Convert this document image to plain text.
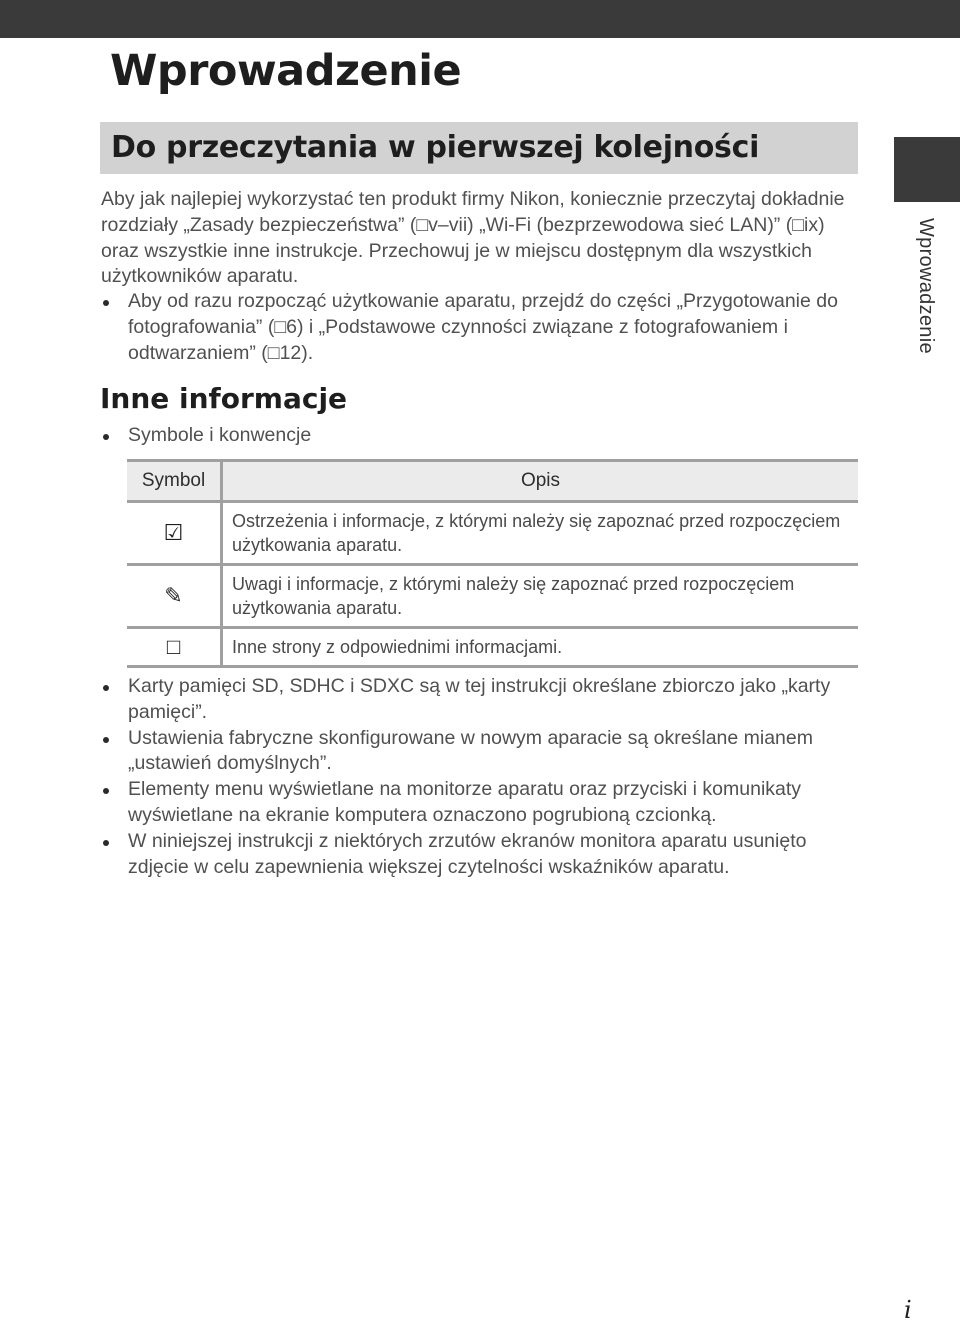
Wprowadzenie
Do przeczytania w pierwszej kolejności

Aby jak najlepiej wykorzystać ten produkt firmy Nikon, koniecznie przeczytaj dokładnie rozdziały „Zasady bezpieczeństwa” (□v–vii) „Wi-Fi (bezprzewodowa sieć LAN)” (□ix) oraz wszystkie inne instrukcje. Przechowuj je w miejscu dostępnym dla wszystkich użytkowników aparatu.

Aby od razu rozpocząć użytkowanie aparatu, przejdź do części „Przygotowanie do fotografowania” (□6) i „Podstawowe czynności związane z fotografowaniem i odtwarzaniem” (□12).
Inne informacje
Symbole i konwencje
Symbol	Opis
☑	Ostrzeżenia i informacje, z którymi należy się zapoznać przed rozpoczęciem użytkowania aparatu.
✎	Uwagi i informacje, z którymi należy się zapoznać przed rozpoczęciem użytkowania aparatu.
□	Inne strony z odpowiednimi informacjami.
Karty pamięci SD, SDHC i SDXC są w tej instrukcji określane zbiorczo jako „karty pamięci”.
Ustawienia fabryczne skonfigurowane w nowym aparacie są określane mianem „ustawień domyślnych”.
Elementy menu wyświetlane na monitorze aparatu oraz przyciski i komunikaty wyświetlane na ekranie komputera oznaczono pogrubioną czcionką.
W niniejszej instrukcji z niektórych zrzutów ekranów monitora aparatu usunięto zdjęcie w celu zapewnienia większej czytelności wskaźników aparatu.
Wprowadzenie
i
